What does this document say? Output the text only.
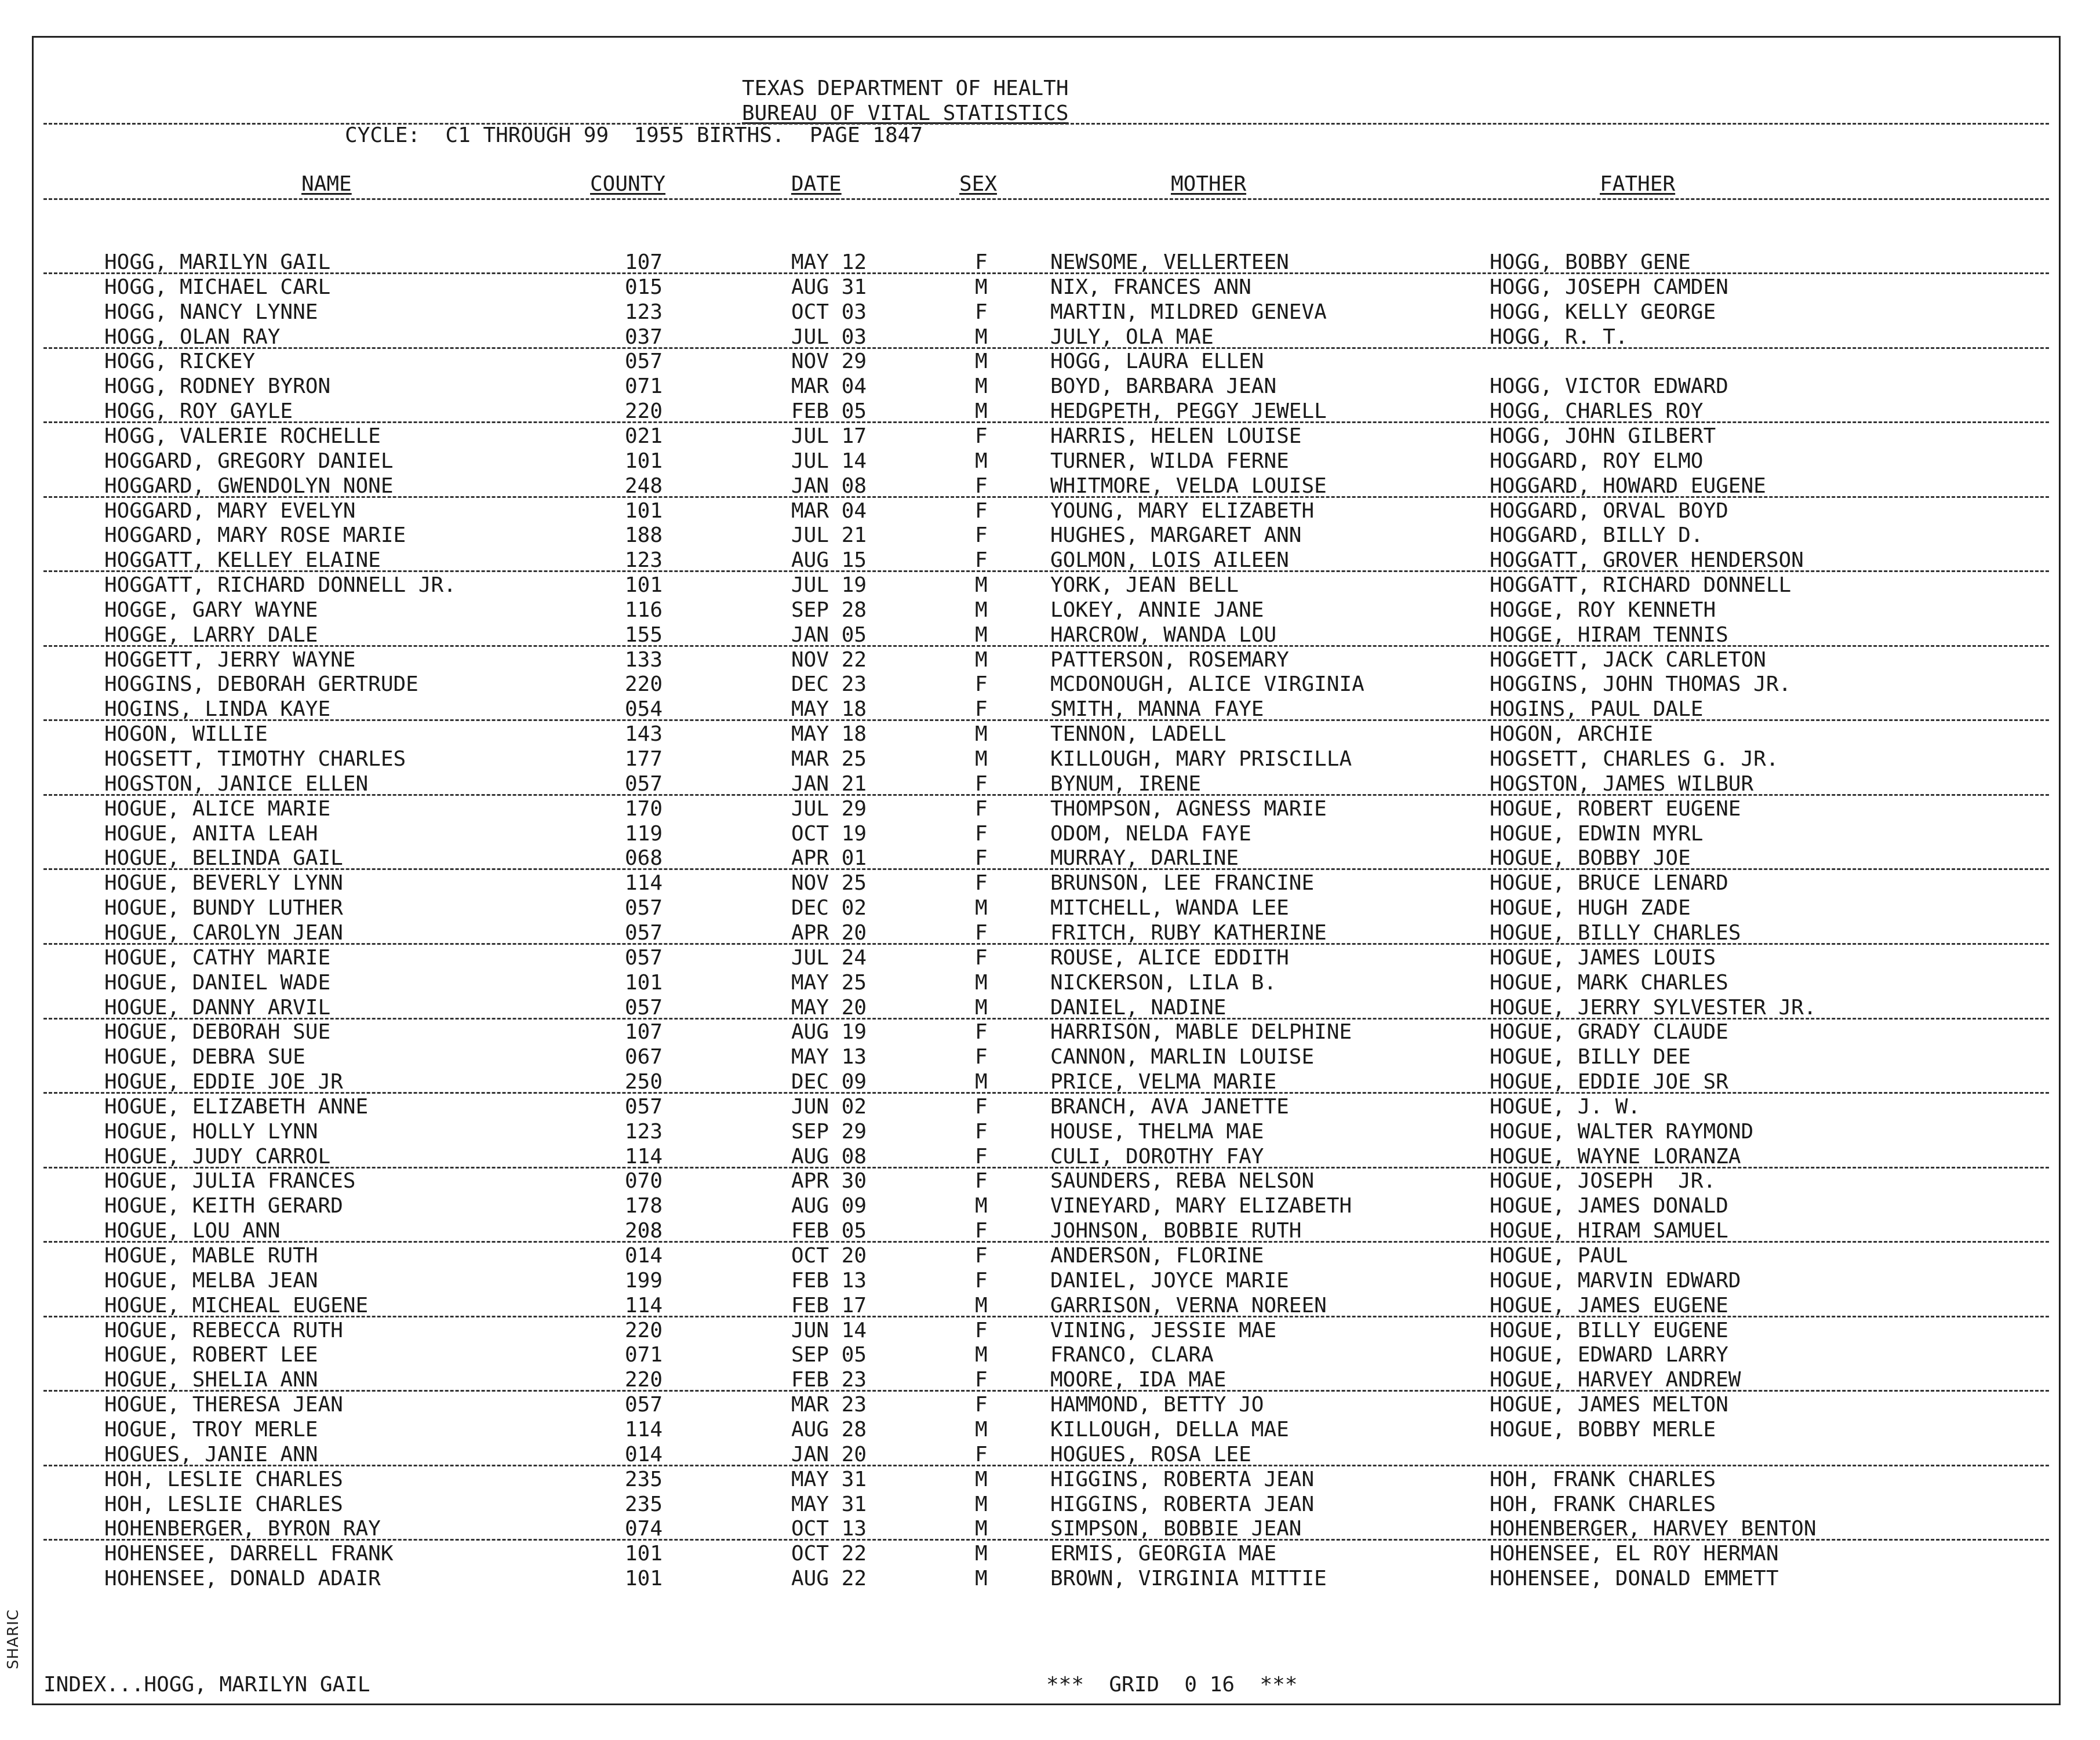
SHARIC
TEXAS DEPARTMENT OF HEALTH
BUREAU OF VITAL STATISTICS
CYCLE:  C1 THROUGH 99  1955 BIRTHS.  PAGE 1847
NAME	COUNTY	DATE	SEX	MOTHER	FATHER
HOGG, MARILYN GAIL	107	MAY 12	F	NEWSOME, VELLERTEEN	HOGG, BOBBY GENE
HOGG, MICHAEL CARL	015	AUG 31	M	NIX, FRANCES ANN	HOGG, JOSEPH CAMDEN
HOGG, NANCY LYNNE	123	OCT 03	F	MARTIN, MILDRED GENEVA	HOGG, KELLY GEORGE
HOGG, OLAN RAY	037	JUL 03	M	JULY, OLA MAE	HOGG, R. T.
HOGG, RICKEY	057	NOV 29	M	HOGG, LAURA ELLEN
HOGG, RODNEY BYRON	071	MAR 04	M	BOYD, BARBARA JEAN	HOGG, VICTOR EDWARD
HOGG, ROY GAYLE	220	FEB 05	M	HEDGPETH, PEGGY JEWELL	HOGG, CHARLES ROY
HOGG, VALERIE ROCHELLE	021	JUL 17	F	HARRIS, HELEN LOUISE	HOGG, JOHN GILBERT
HOGGARD, GREGORY DANIEL	101	JUL 14	M	TURNER, WILDA FERNE	HOGGARD, ROY ELMO
HOGGARD, GWENDOLYN NONE	248	JAN 08	F	WHITMORE, VELDA LOUISE	HOGGARD, HOWARD EUGENE
HOGGARD, MARY EVELYN	101	MAR 04	F	YOUNG, MARY ELIZABETH	HOGGARD, ORVAL BOYD
HOGGARD, MARY ROSE MARIE	188	JUL 21	F	HUGHES, MARGARET ANN	HOGGARD, BILLY D.
HOGGATT, KELLEY ELAINE	123	AUG 15	F	GOLMON, LOIS AILEEN	HOGGATT, GROVER HENDERSON
HOGGATT, RICHARD DONNELL JR.	101	JUL 19	M	YORK, JEAN BELL	HOGGATT, RICHARD DONNELL
HOGGE, GARY WAYNE	116	SEP 28	M	LOKEY, ANNIE JANE	HOGGE, ROY KENNETH
HOGGE, LARRY DALE	155	JAN 05	M	HARCROW, WANDA LOU	HOGGE, HIRAM TENNIS
HOGGETT, JERRY WAYNE	133	NOV 22	M	PATTERSON, ROSEMARY	HOGGETT, JACK CARLETON
HOGGINS, DEBORAH GERTRUDE	220	DEC 23	F	MCDONOUGH, ALICE VIRGINIA	HOGGINS, JOHN THOMAS JR.
HOGINS, LINDA KAYE	054	MAY 18	F	SMITH, MANNA FAYE	HOGINS, PAUL DALE
HOGON, WILLIE	143	MAY 18	M	TENNON, LADELL	HOGON, ARCHIE
HOGSETT, TIMOTHY CHARLES	177	MAR 25	M	KILLOUGH, MARY PRISCILLA	HOGSETT, CHARLES G. JR.
HOGSTON, JANICE ELLEN	057	JAN 21	F	BYNUM, IRENE	HOGSTON, JAMES WILBUR
HOGUE, ALICE MARIE	170	JUL 29	F	THOMPSON, AGNESS MARIE	HOGUE, ROBERT EUGENE
HOGUE, ANITA LEAH	119	OCT 19	F	ODOM, NELDA FAYE	HOGUE, EDWIN MYRL
HOGUE, BELINDA GAIL	068	APR 01	F	MURRAY, DARLINE	HOGUE, BOBBY JOE
HOGUE, BEVERLY LYNN	114	NOV 25	F	BRUNSON, LEE FRANCINE	HOGUE, BRUCE LENARD
HOGUE, BUNDY LUTHER	057	DEC 02	M	MITCHELL, WANDA LEE	HOGUE, HUGH ZADE
HOGUE, CAROLYN JEAN	057	APR 20	F	FRITCH, RUBY KATHERINE	HOGUE, BILLY CHARLES
HOGUE, CATHY MARIE	057	JUL 24	F	ROUSE, ALICE EDDITH	HOGUE, JAMES LOUIS
HOGUE, DANIEL WADE	101	MAY 25	M	NICKERSON, LILA B.	HOGUE, MARK CHARLES
HOGUE, DANNY ARVIL	057	MAY 20	M	DANIEL, NADINE	HOGUE, JERRY SYLVESTER JR.
HOGUE, DEBORAH SUE	107	AUG 19	F	HARRISON, MABLE DELPHINE	HOGUE, GRADY CLAUDE
HOGUE, DEBRA SUE	067	MAY 13	F	CANNON, MARLIN LOUISE	HOGUE, BILLY DEE
HOGUE, EDDIE JOE JR	250	DEC 09	M	PRICE, VELMA MARIE	HOGUE, EDDIE JOE SR
HOGUE, ELIZABETH ANNE	057	JUN 02	F	BRANCH, AVA JANETTE	HOGUE, J. W.
HOGUE, HOLLY LYNN	123	SEP 29	F	HOUSE, THELMA MAE	HOGUE, WALTER RAYMOND
HOGUE, JUDY CARROL	114	AUG 08	F	CULI, DOROTHY FAY	HOGUE, WAYNE LORANZA
HOGUE, JULIA FRANCES	070	APR 30	F	SAUNDERS, REBA NELSON	HOGUE, JOSEPH  JR.
HOGUE, KEITH GERARD	178	AUG 09	M	VINEYARD, MARY ELIZABETH	HOGUE, JAMES DONALD
HOGUE, LOU ANN	208	FEB 05	F	JOHNSON, BOBBIE RUTH	HOGUE, HIRAM SAMUEL
HOGUE, MABLE RUTH	014	OCT 20	F	ANDERSON, FLORINE	HOGUE, PAUL
HOGUE, MELBA JEAN	199	FEB 13	F	DANIEL, JOYCE MARIE	HOGUE, MARVIN EDWARD
HOGUE, MICHEAL EUGENE	114	FEB 17	M	GARRISON, VERNA NOREEN	HOGUE, JAMES EUGENE
HOGUE, REBECCA RUTH	220	JUN 14	F	VINING, JESSIE MAE	HOGUE, BILLY EUGENE
HOGUE, ROBERT LEE	071	SEP 05	M	FRANCO, CLARA	HOGUE, EDWARD LARRY
HOGUE, SHELIA ANN	220	FEB 23	F	MOORE, IDA MAE	HOGUE, HARVEY ANDREW
HOGUE, THERESA JEAN	057	MAR 23	F	HAMMOND, BETTY JO	HOGUE, JAMES MELTON
HOGUE, TROY MERLE	114	AUG 28	M	KILLOUGH, DELLA MAE	HOGUE, BOBBY MERLE
HOGUES, JANIE ANN	014	JAN 20	F	HOGUES, ROSA LEE
HOH, LESLIE CHARLES	235	MAY 31	M	HIGGINS, ROBERTA JEAN	HOH, FRANK CHARLES
HOH, LESLIE CHARLES	235	MAY 31	M	HIGGINS, ROBERTA JEAN	HOH, FRANK CHARLES
HOHENBERGER, BYRON RAY	074	OCT 13	M	SIMPSON, BOBBIE JEAN	HOHENBERGER, HARVEY BENTON
HOHENSEE, DARRELL FRANK	101	OCT 22	M	ERMIS, GEORGIA MAE	HOHENSEE, EL ROY HERMAN
HOHENSEE, DONALD ADAIR	101	AUG 22	M	BROWN, VIRGINIA MITTIE	HOHENSEE, DONALD EMMETT
INDEX...HOGG, MARILYN GAIL	***  GRID  0 16  ***
